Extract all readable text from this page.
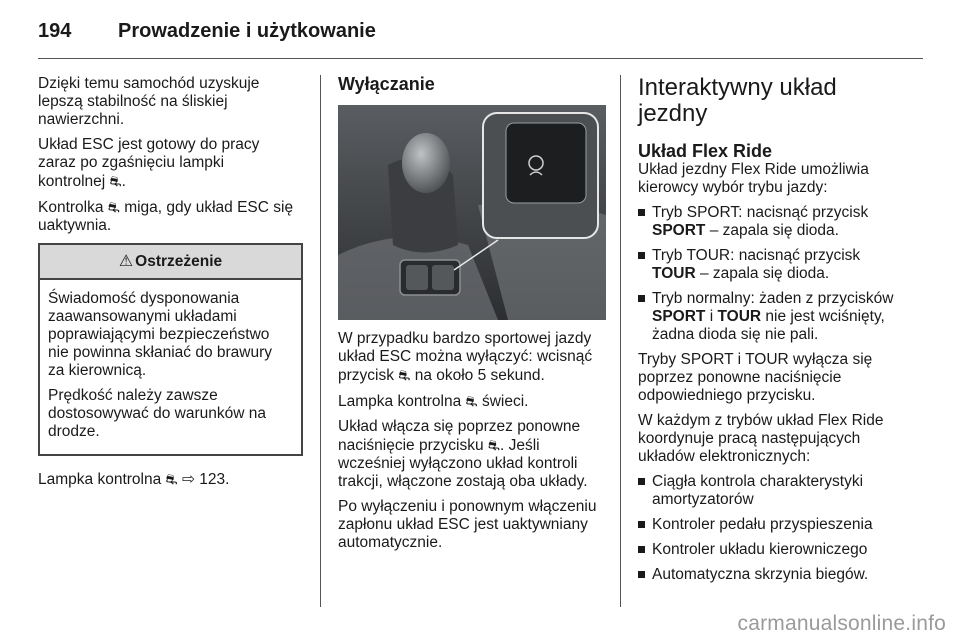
194 Prowadzenie i użytkowanie

Dzięki temu samochód uzyskuje
lepszą stabilność na śliskiej
nawierzchni.

Układ ESC jest gotowy do pracy
zaraz po zgaśnięciu lampki
kontrolnej ⛐.

Kontrolka ⛐ miga, gdy układ ESC się
uaktywnia.

⚠ Ostrzeżenie

Świadomość dysponowania
zaawansowanymi układami
poprawiającymi bezpieczeństwo
nie powinna skłaniać do brawury
za kierownicą.

Prędkość należy zawsze
dostosowywać do warunków na
drodze.

Lampka kontrolna ⛐ ⇨ 123.

Wyłączanie

W przypadku bardzo sportowej jazdy
układ ESC można wyłączyć: wcisnąć
przycisk ⛐ na około 5 sekund.

Lampka kontrolna ⛐ świeci.

Układ włącza się poprzez ponowne
naciśnięcie przycisku ⛐. Jeśli
wcześniej wyłączono układ kontroli
trakcji, włączone zostają oba układy.

Po wyłączeniu i ponownym włączeniu
zapłonu układ ESC jest uaktywniany
automatycznie.

Interaktywny układ jezdny
Układ Flex Ride

Układ jezdny Flex Ride umożliwia
kierowcy wybór trybu jazdy:

Tryb SPORT: nacisnąć przycisk
SPORT – zapala się dioda.
Tryb TOUR: nacisnąć przycisk
TOUR – zapala się dioda.
Tryb normalny: żaden z przycisków
SPORT i TOUR nie jest wciśnięty,
żadna dioda się nie pali.

Tryby SPORT i TOUR wyłącza się
poprzez ponowne naciśnięcie
odpowiedniego przycisku.

W każdym z trybów układ Flex Ride
koordynuje pracą następujących
układów elektronicznych:

Ciągła kontrola charakterystyki
amortyzatorów
Kontroler pedału przyspieszenia
Kontroler układu kierowniczego
Automatyczna skrzynia biegów.
carmanualsonline.info
